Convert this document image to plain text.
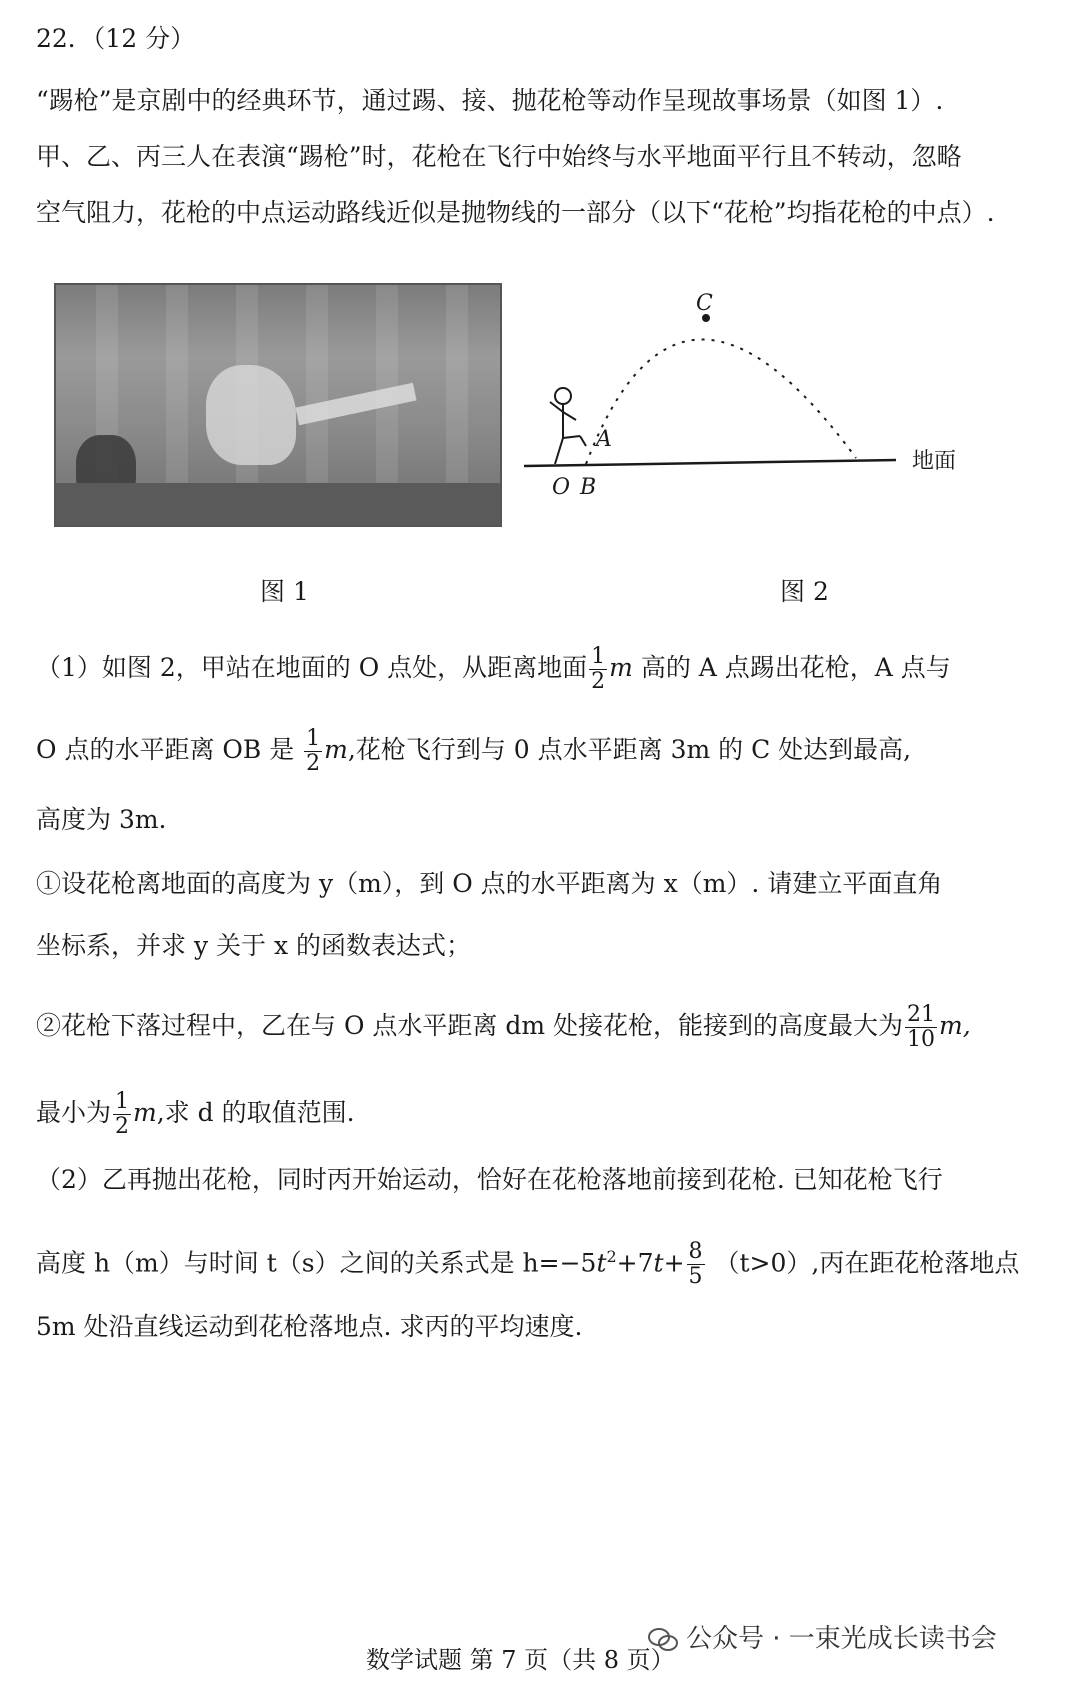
22．（12 分）
“踢枪”是京剧中的经典环节，通过踢、接、抛花枪等动作呈现故事场景（如图 1）.
甲、乙、丙三人在表演“踢枪”时，花枪在飞行中始终与水平地面平行且不转动，忽略
空气阻力，花枪的中点运动路线近似是抛物线的一部分（以下“花枪”均指花枪的中点）.
C
A
O B
地面
图 1	图 2
（1）如图 2，甲站在地面的 O 点处，从距离地面 $\frac{1}{2}$ m 高的 A 点踢出花枪，A 点与
O 点的水平距离 OB 是 $\frac{1}{2} m$,花枪飞行到与 0 点水平距离 3m 的 C 处达到最高,
高度为 3m.
①设花枪离地面的高度为 y（m），到 O 点的水平距离为 x（m）. 请建立平面直角
坐标系，并求 y 关于 x 的函数表达式；
②花枪下落过程中，乙在与 O 点水平距离 dm 处接花枪，能接到的高度最大为 $\frac{21}{10} m$,
最小为 $\frac{1}{2} m$,求 d 的取值范围.
（2）乙再抛出花枪，同时丙开始运动，恰好在花枪落地前接到花枪. 已知花枪飞行
高度 h（m）与时间 t（s）之间的关系式是 $h=-5t^2+7t+ \frac{8}{5} (t>0)$,丙在距花枪落地点
5m 处沿直线运动到花枪落地点. 求丙的平均速度.
公众号 · 一束光成长读书会
数学试题 第 7 页（共 8 页）
